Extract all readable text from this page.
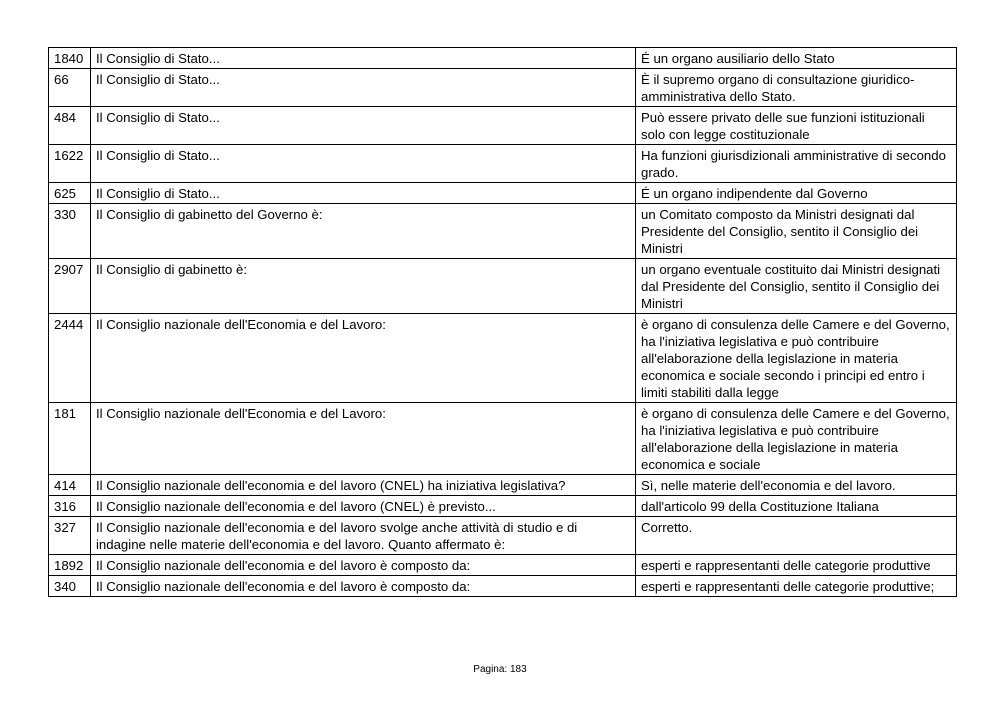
1840	Il Consiglio di Stato...	É un organo ausiliario dello Stato
66	Il Consiglio di Stato...	È il supremo organo di consultazione giuridico-amministrativa dello Stato.
484	Il Consiglio di Stato...	Può essere privato delle sue funzioni istituzionali solo con legge costituzionale
1622	Il Consiglio di Stato...	Ha funzioni giurisdizionali amministrative di secondo grado.
625	Il Consiglio di Stato...	É un organo indipendente dal Governo
330	Il Consiglio di gabinetto del Governo è:	un Comitato composto da Ministri designati dal Presidente del Consiglio, sentito il Consiglio dei Ministri
2907	Il Consiglio di gabinetto è:	un organo eventuale costituito dai Ministri designati dal Presidente del Consiglio, sentito il Consiglio dei Ministri
2444	Il Consiglio nazionale dell'Economia e del Lavoro:	è organo di consulenza delle Camere e del Governo, ha l'iniziativa legislativa e può contribuire all'elaborazione della legislazione in materia economica e sociale secondo i principi ed entro i limiti stabiliti dalla legge
181	Il Consiglio nazionale dell'Economia e del Lavoro:	è organo di consulenza delle Camere e del Governo, ha l'iniziativa legislativa e può contribuire all'elaborazione della legislazione in materia economica e sociale
414	Il Consiglio nazionale dell'economia e del lavoro (CNEL) ha iniziativa legislativa?	Sì, nelle materie dell'economia e del lavoro.
316	Il Consiglio nazionale dell'economia e del lavoro (CNEL) è previsto...	dall'articolo 99 della Costituzione Italiana
327	Il Consiglio nazionale dell'economia e del lavoro svolge anche attività di studio e di indagine nelle materie dell'economia e del lavoro. Quanto affermato è:	Corretto.
1892	Il Consiglio nazionale dell'economia e del lavoro è composto da:	esperti e rappresentanti delle categorie produttive
340	Il Consiglio nazionale dell'economia e del lavoro è composto da:	esperti e rappresentanti delle categorie produttive;
Pagina: 183
